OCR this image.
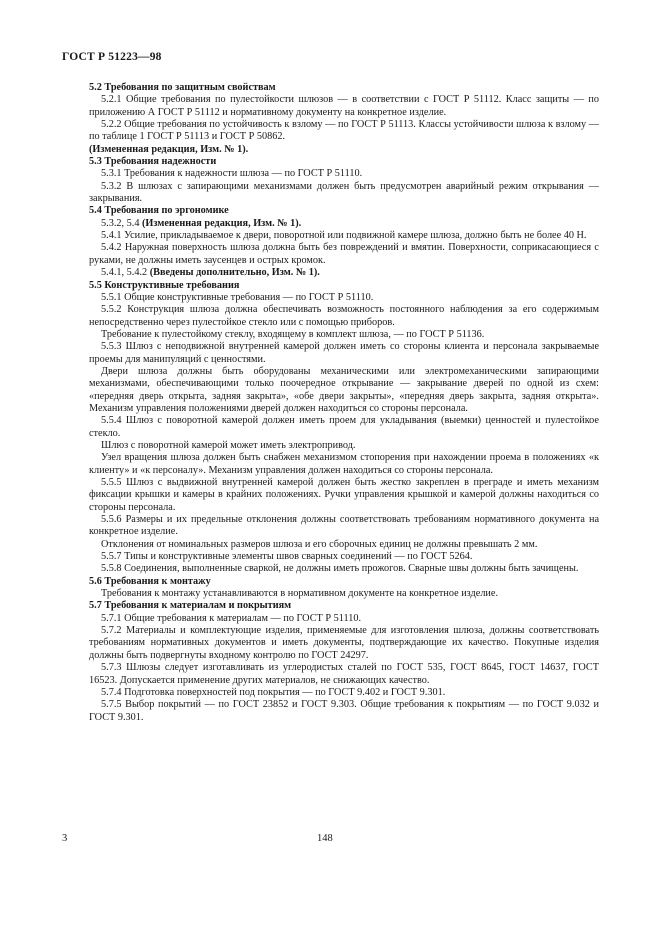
ГОСТ Р 51223—98

5.2 Требования по защитным свойствам

5.2.1 Общие требования по пулестойкости шлюзов — в соответствии с ГОСТ Р 51112. Класс защиты — по приложению А ГОСТ Р 51112 и нормативному документу на конкретное изделие.

5.2.2 Общие требования по устойчивость к взлому — по ГОСТ Р 51113. Классы устойчивости шлюза к взлому — по таблице 1 ГОСТ Р 51113 и ГОСТ Р 50862.

(Измененная редакция, Изм. № 1).

5.3 Требования надежности

5.3.1 Требования к надежности шлюза — по ГОСТ Р 51110.

5.3.2 В шлюзах с запирающими механизмами должен быть предусмотрен аварийный режим открывания — закрывания.

5.4 Требования по эргономике

5.3.2, 5.4 (Измененная редакция, Изм. № 1).

5.4.1 Усилие, прикладываемое к двери, поворотной или подвижной камере шлюза, должно быть не более 40 Н.

5.4.2 Наружная поверхность шлюза должна быть без повреждений и вмятин. Поверхности, соприкасающиеся с руками, не должны иметь заусенцев и острых кромок.

5.4.1, 5.4.2 (Введены дополнительно, Изм. № 1).

5.5 Конструктивные требования

5.5.1 Общие конструктивные требования — по ГОСТ Р 51110.

5.5.2 Конструкция шлюза должна обеспечивать возможность постоянного наблюдения за его содержимым непосредственно через пулестойкое стекло или с помощью приборов.

Требование к пулестойкому стеклу, входящему в комплект шлюза, — по ГОСТ Р 51136.

5.5.3 Шлюз с неподвижной внутренней камерой должен иметь со стороны клиента и персонала закрываемые проемы для манипуляций с ценностями.

Двери шлюза должны быть оборудованы механическими или электромеханическими запирающими механизмами, обеспечивающими только поочередное открывание — закрывание дверей по одной из схем: «передняя дверь открыта, задняя закрыта», «обе двери закрыты», «передняя дверь закрыта, задняя открыта». Механизм управления положениями дверей должен находиться со стороны персонала.

5.5.4 Шлюз с поворотной камерой должен иметь проем для укладывания (выемки) ценностей и пулестойкое стекло.

Шлюз с поворотной камерой может иметь электропривод.

Узел вращения шлюза должен быть снабжен механизмом стопорения при нахождении проема в положениях «к клиенту» и «к персоналу». Механизм управления должен находиться со стороны персонала.

5.5.5 Шлюз с выдвижной внутренней камерой должен быть жестко закреплен в преграде и иметь механизм фиксации крышки и камеры в крайних положениях. Ручки управления крышкой и камерой должны находиться со стороны персонала.

5.5.6 Размеры и их предельные отклонения должны соответствовать требованиям нормативного документа на конкретное изделие.

Отклонения от номинальных размеров шлюза и его сборочных единиц не должны превышать 2 мм.

5.5.7 Типы и конструктивные элементы швов сварных соединений — по ГОСТ 5264.

5.5.8 Соединения, выполненные сваркой, не должны иметь прожогов. Сварные швы должны быть зачищены.

5.6 Требования к монтажу

Требования к монтажу устанавливаются в нормативном документе на конкретное изделие.

5.7 Требования к материалам и покрытиям

5.7.1 Общие требования к материалам — по ГОСТ Р 51110.

5.7.2 Материалы и комплектующие изделия, применяемые для изготовления шлюза, должны соответствовать требованиям нормативных документов и иметь документы, подтверждающие их качество. Покупные изделия должны быть подвергнуты входному контролю по ГОСТ 24297.

5.7.3 Шлюзы следует изготавливать из углеродистых сталей по ГОСТ 535, ГОСТ 8645, ГОСТ 14637, ГОСТ 16523. Допускается применение других материалов, не снижающих качество.

5.7.4 Подготовка поверхностей под покрытия — по ГОСТ 9.402 и ГОСТ 9.301.

5.7.5 Выбор покрытий — по ГОСТ 23852 и ГОСТ 9.303. Общие требования к покрытиям — по ГОСТ 9.032 и ГОСТ 9.301.

3	148
